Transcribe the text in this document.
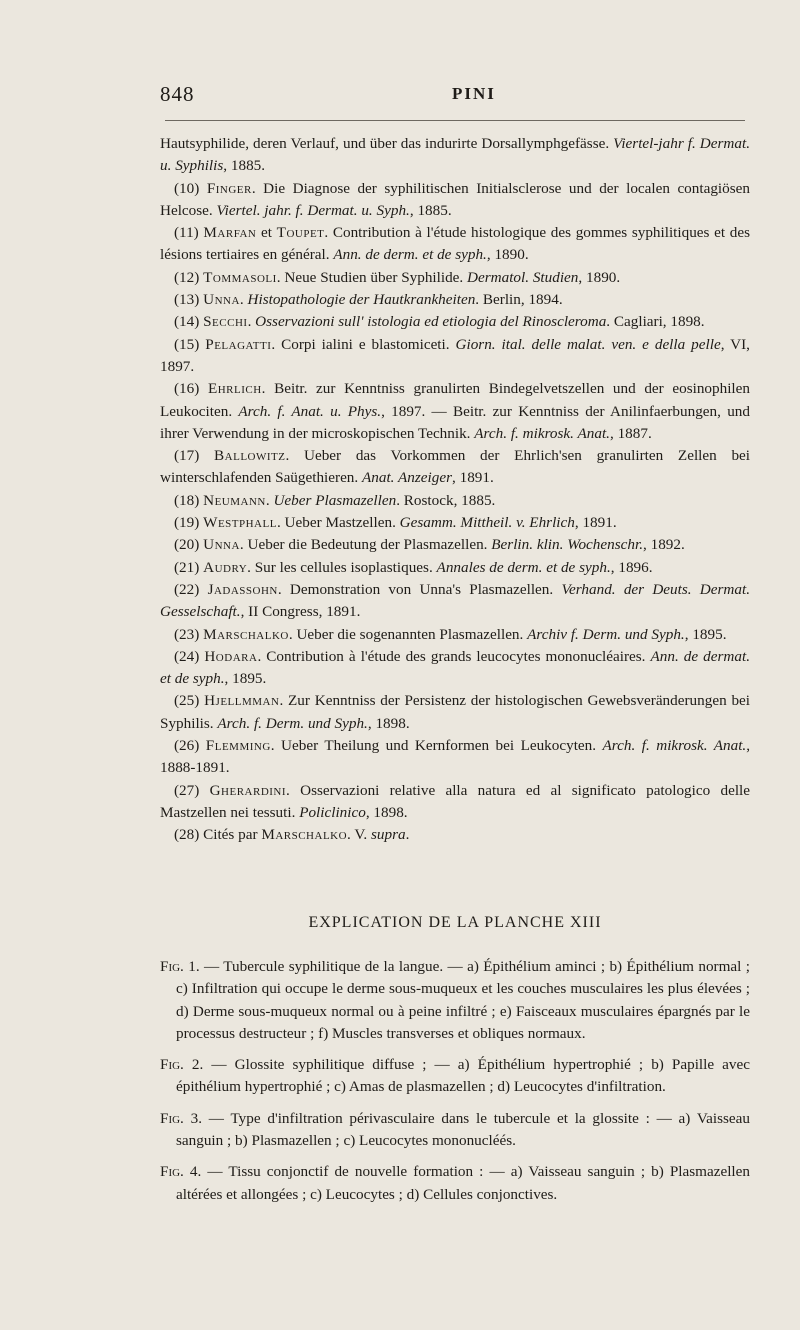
848	PINI
Hautsyphilide, deren Verlauf, und über das indurirte Dorsallymphgefässe. Viertel-jahr f. Dermat. u. Syphilis, 1885.
(10) Finger. Die Diagnose der syphilitischen Initialsclerose und der localen contagiösen Helcose. Viertel. jahr. f. Dermat. u. Syph., 1885.
(11) Marfan et Toupet. Contribution à l'étude histologique des gommes syphilitiques et des lésions tertiaires en général. Ann. de derm. et de syph., 1890.
(12) Tommasoli. Neue Studien über Syphilide. Dermatol. Studien, 1890.
(13) Unna. Histopathologie der Hautkrankheiten. Berlin, 1894.
(14) Secchi. Osservazioni sull' istologia ed etiologia del Rinoscleroma. Cagliari, 1898.
(15) Pelagatti. Corpi ialini e blastomiceti. Giorn. ital. delle malat. ven. e della pelle, VI, 1897.
(16) Ehrlich. Beitr. zur Kenntniss granulirten Bindegelvetszellen und der eosinophilen Leukociten. Arch. f. Anat. u. Phys., 1897. — Beitr. zur Kenntniss der Anilinfaerbungen, und ihrer Verwendung in der microskopischen Technik. Arch. f. mikrosk. Anat., 1887.
(17) Ballowitz. Ueber das Vorkommen der Ehrlich'sen granulirten Zellen bei winterschlafenden Saügethieren. Anat. Anzeiger, 1891.
(18) Neumann. Ueber Plasmazellen. Rostock, 1885.
(19) Westphall. Ueber Mastzellen. Gesamm. Mittheil. v. Ehrlich, 1891.
(20) Unna. Ueber die Bedeutung der Plasmazellen. Berlin. klin. Wochenschr., 1892.
(21) Audry. Sur les cellules isoplastiques. Annales de derm. et de syph., 1896.
(22) Jadassohn. Demonstration von Unna's Plasmazellen. Verhand. der Deuts. Dermat. Gesselschaft., II Congress, 1891.
(23) Marschalko. Ueber die sogenannten Plasmazellen. Archiv f. Derm. und Syph., 1895.
(24) Hodara. Contribution à l'étude des grands leucocytes mononucléaires. Ann. de dermat. et de syph., 1895.
(25) Hjellmman. Zur Kenntniss der Persistenz der histologischen Gewebsveränderungen bei Syphilis. Arch. f. Derm. und Syph., 1898.
(26) Flemming. Ueber Theilung und Kernformen bei Leukocyten. Arch. f. mikrosk. Anat., 1888-1891.
(27) Gherardini. Osservazioni relative alla natura ed al significato patologico delle Mastzellen nei tessuti. Policlinico, 1898.
(28) Cités par Marschalko. V. supra.
EXPLICATION DE LA PLANCHE XIII
Fig. 1. — Tubercule syphilitique de la langue. — a) Épithélium aminci ; b) Épithélium normal ; c) Infiltration qui occupe le derme sous-muqueux et les couches musculaires les plus élevées ; d) Derme sous-muqueux normal ou à peine infiltré ; e) Faisceaux musculaires épargnés par le processus destructeur ; f) Muscles transverses et obliques normaux.
Fig. 2. — Glossite syphilitique diffuse ; — a) Épithélium hypertrophié ; b) Papille avec épithélium hypertrophié ; c) Amas de plasmazellen ; d) Leucocytes d'infiltration.
Fig. 3. — Type d'infiltration périvasculaire dans le tubercule et la glossite : — a) Vaisseau sanguin ; b) Plasmazellen ; c) Leucocytes mononucléés.
Fig. 4. — Tissu conjonctif de nouvelle formation : — a) Vaisseau sanguin ; b) Plasmazellen altérées et allongées ; c) Leucocytes ; d) Cellules conjonctives.
